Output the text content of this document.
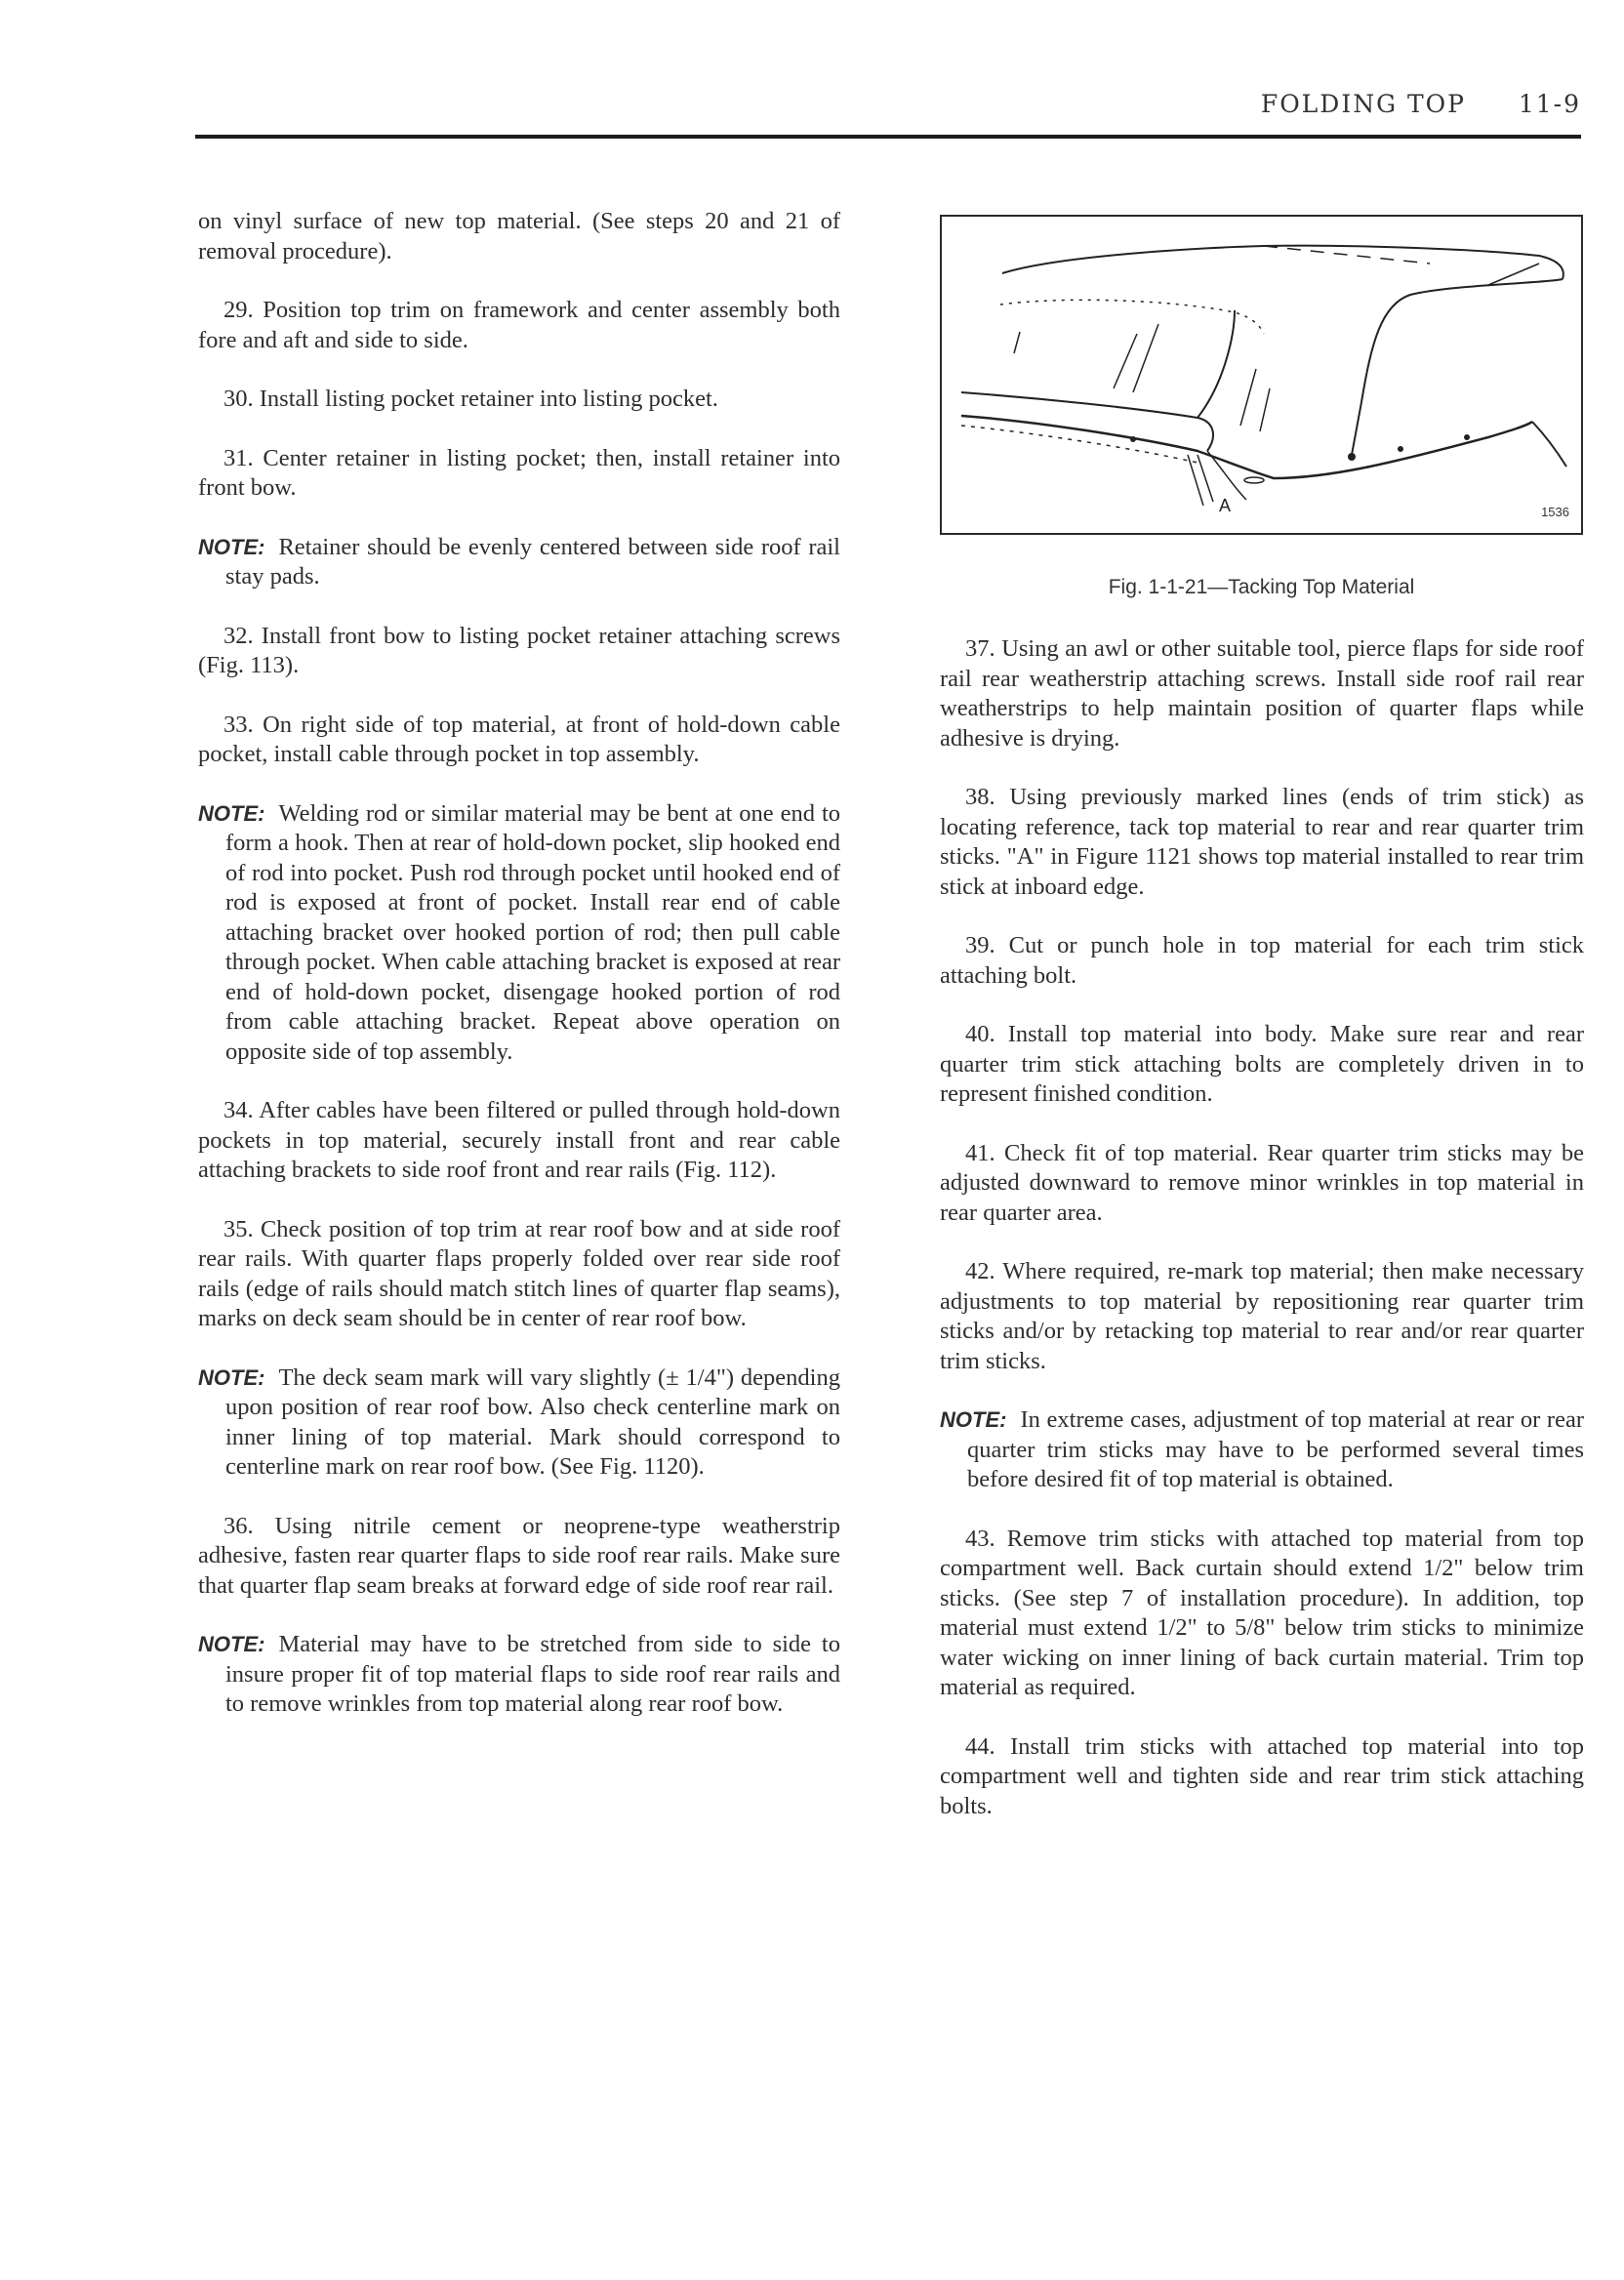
FOLDING TOP 11-9

on vinyl surface of new top material. (See steps 20 and 21 of removal procedure).

29. Position top trim on framework and center assembly both fore and aft and side to side.

30. Install listing pocket retainer into listing pocket.

31. Center retainer in listing pocket; then, install retainer into front bow.

NOTE: Retainer should be evenly centered between side roof rail stay pads.

32. Install front bow to listing pocket retainer attaching screws (Fig. 113).

33. On right side of top material, at front of hold-down cable pocket, install cable through pocket in top assembly.

NOTE: Welding rod or similar material may be bent at one end to form a hook. Then at rear of hold-down pocket, slip hooked end of rod into pocket. Push rod through pocket until hooked end of rod is exposed at front of pocket. Install rear end of cable attaching bracket over hooked portion of rod; then pull cable through pocket. When cable attaching bracket is exposed at rear end of hold-down pocket, disengage hooked portion of rod from cable attaching bracket. Repeat above operation on opposite side of top assembly.

34. After cables have been filtered or pulled through hold-down pockets in top material, securely install front and rear cable attaching brackets to side roof front and rear rails (Fig. 112).

35. Check position of top trim at rear roof bow and at side roof rear rails. With quarter flaps properly folded over rear side roof rails (edge of rails should match stitch lines of quarter flap seams), marks on deck seam should be in center of rear roof bow.

NOTE: The deck seam mark will vary slightly (± 1/4") depending upon position of rear roof bow. Also check centerline mark on inner lining of top material. Mark should correspond to centerline mark on rear roof bow. (See Fig. 1120).

36. Using nitrile cement or neoprene-type weatherstrip adhesive, fasten rear quarter flaps to side roof rear rails. Make sure that quarter flap seam breaks at forward edge of side roof rear rail.

NOTE: Material may have to be stretched from side to side to insure proper fit of top material flaps to side roof rear rails and to remove wrinkles from top material along rear roof bow.
A	1536
Fig. 1-1-21—Tacking Top Material

37. Using an awl or other suitable tool, pierce flaps for side roof rail rear weatherstrip attaching screws. Install side roof rail rear weatherstrips to help maintain position of quarter flaps while adhesive is drying.

38. Using previously marked lines (ends of trim stick) as locating reference, tack top material to rear and rear quarter trim sticks. "A" in Figure 1121 shows top material installed to rear trim stick at inboard edge.

39. Cut or punch hole in top material for each trim stick attaching bolt.

40. Install top material into body. Make sure rear and rear quarter trim stick attaching bolts are completely driven in to represent finished condition.

41. Check fit of top material. Rear quarter trim sticks may be adjusted downward to remove minor wrinkles in top material in rear quarter area.

42. Where required, re-mark top material; then make necessary adjustments to top material by repositioning rear quarter trim sticks and/or by retacking top material to rear and/or rear quarter trim sticks.

NOTE: In extreme cases, adjustment of top material at rear or rear quarter trim sticks may have to be performed several times before desired fit of top material is obtained.

43. Remove trim sticks with attached top material from top compartment well. Back curtain should extend 1/2" below trim sticks. (See step 7 of installation procedure). In addition, top material must extend 1/2" to 5/8" below trim sticks to minimize water wicking on inner lining of back curtain material. Trim top material as required.

44. Install trim sticks with attached top material into top compartment well and tighten side and rear trim stick attaching bolts.
